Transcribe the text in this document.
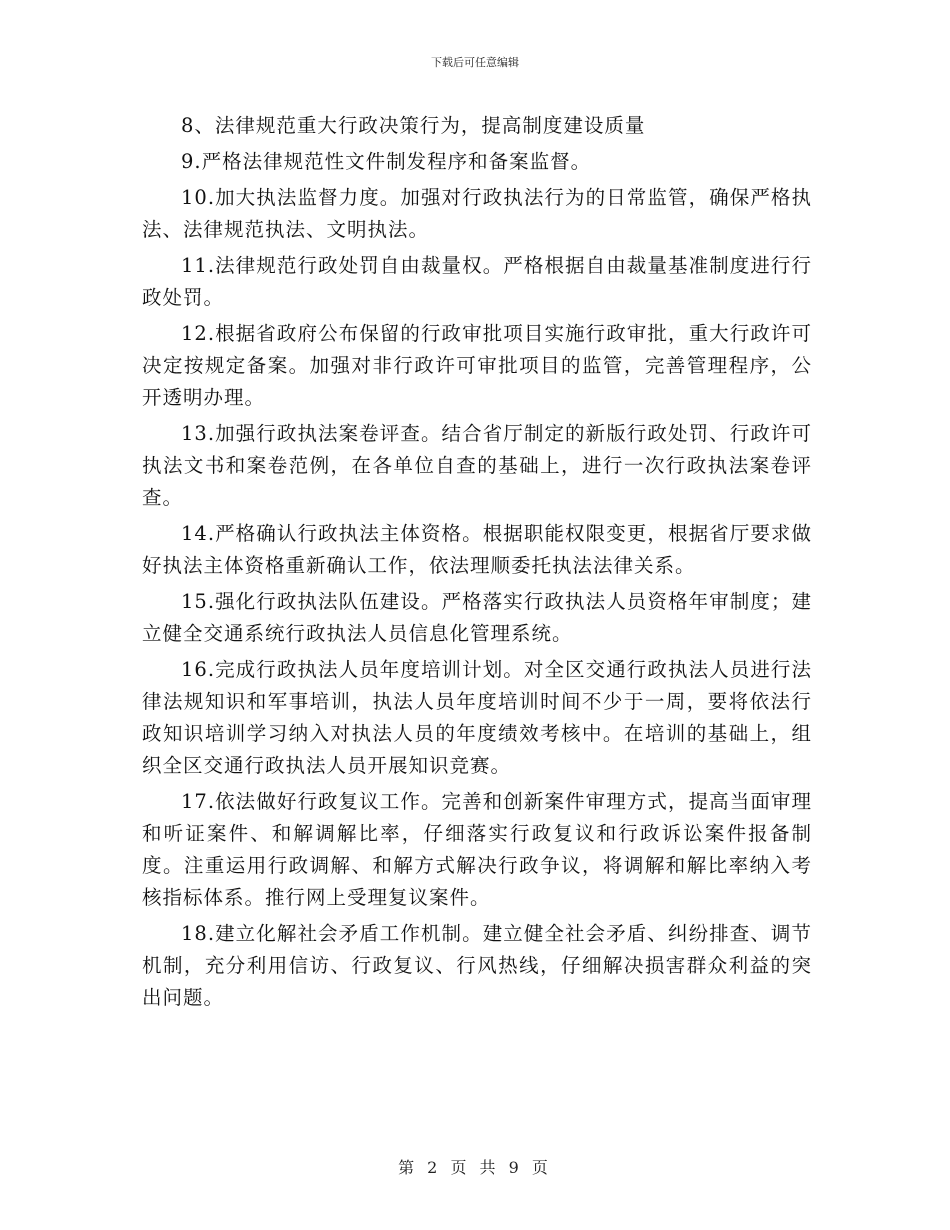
下载后可任意编辑

8、法律规范重大行政决策行为，提高制度建设质量

9.严格法律规范性文件制发程序和备案监督。

10.加大执法监督力度。加强对行政执法行为的日常监管，确保严格执法、法律规范执法、文明执法。

11.法律规范行政处罚自由裁量权。严格根据自由裁量基准制度进行行政处罚。

12.根据省政府公布保留的行政审批项目实施行政审批，重大行政许可决定按规定备案。加强对非行政许可审批项目的监管，完善管理程序，公开透明办理。

13.加强行政执法案卷评查。结合省厅制定的新版行政处罚、行政许可执法文书和案卷范例，在各单位自查的基础上，进行一次行政执法案卷评查。

14.严格确认行政执法主体资格。根据职能权限变更，根据省厅要求做好执法主体资格重新确认工作，依法理顺委托执法法律关系。

15.强化行政执法队伍建设。严格落实行政执法人员资格年审制度；建立健全交通系统行政执法人员信息化管理系统。

16.完成行政执法人员年度培训计划。对全区交通行政执法人员进行法律法规知识和军事培训，执法人员年度培训时间不少于一周，要将依法行政知识培训学习纳入对执法人员的年度绩效考核中。在培训的基础上，组织全区交通行政执法人员开展知识竞赛。

17.依法做好行政复议工作。完善和创新案件审理方式，提高当面审理和听证案件、和解调解比率，仔细落实行政复议和行政诉讼案件报备制度。注重运用行政调解、和解方式解决行政争议，将调解和解比率纳入考核指标体系。推行网上受理复议案件。

18.建立化解社会矛盾工作机制。建立健全社会矛盾、纠纷排查、调节机制，充分利用信访、行政复议、行风热线，仔细解决损害群众利益的突出问题。

第 2 页 共 9 页
